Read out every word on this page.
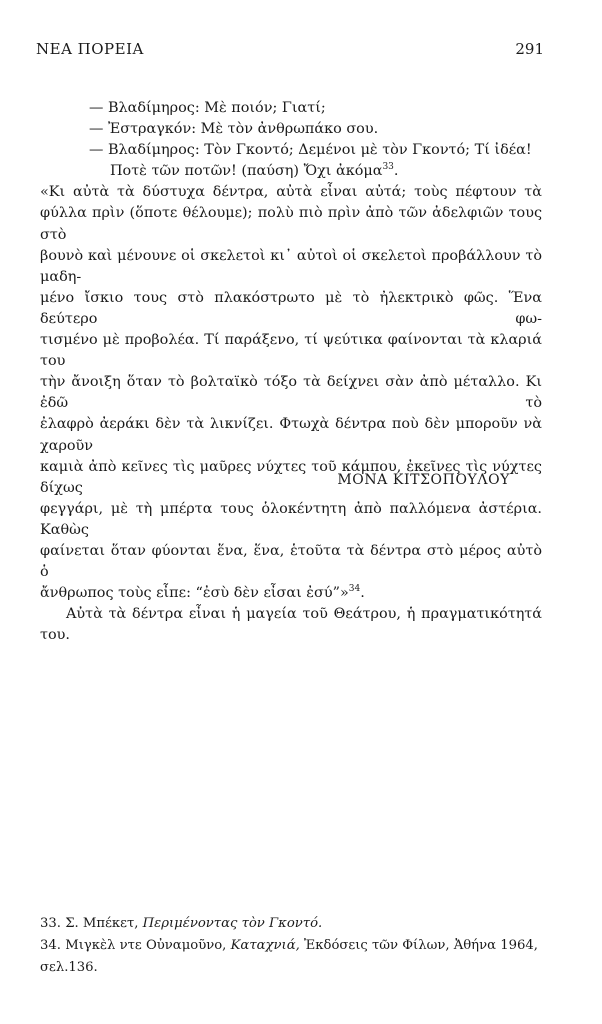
ΝΕΑ ΠΟΡΕΙΑ	291

— Βλαδίμηρος: Μὲ ποιόν; Γιατί;

— Ἐστραγκόν: Μὲ τὸν ἀνθρωπάκο σου.

— Βλαδίμηρος: Τὸν Γκοντό; Δεμένοι μὲ τὸν Γκοντό; Τί ἰδέα!

Ποτὲ τῶν ποτῶν! (παύση) Ὄχι ἀκόμα$^{33}$.

«Κι αὐτὰ τὰ δύστυχα δέντρα, αὐτὰ εἶναι αὐτά; τοὺς πέφτουν τὰ

φύλλα πρὶν (ὅποτε θέλουμε); πολὺ πιὸ πρὶν ἀπὸ τῶν ἀδελφιῶν τους στὸ

βουνὸ καὶ μένουνε οἱ σκελετοὶ κι᾿ αὐτοὶ οἱ σκελετοὶ προβάλλουν τὸ μαδη-

μένο ἴσκιο τους στὸ πλακόστρωτο μὲ τὸ ἠλεκτρικὸ φῶς. Ἕνα δεύτερο φω-

τισμένο μὲ προβολέα. Τί παράξενο, τί ψεύτικα φαίνονται τὰ κλαριά του

τὴν ἄνοιξη ὅταν τὸ βολταϊκὸ τόξο τὰ δείχνει σὰν ἀπὸ μέταλλο. Κι ἐδῶ τὸ

ἐλαφρὸ ἀεράκι δὲν τὰ λικνίζει. Φτωχὰ δέντρα ποὺ δὲν μποροῦν νὰ χαροῦν

καμιὰ ἀπὸ κεῖνες τὶς μαῦρες νύχτες τοῦ κάμπου, ἐκεῖνες τὶς νύχτες δίχως

φεγγάρι, μὲ τὴ μπέρτα τους ὁλοκέντητη ἀπὸ παλλόμενα ἀστέρια. Καθὼς

φαίνεται ὅταν φύονται ἕνα, ἕνα, ἑτοῦτα τὰ δέντρα στὸ μέρος αὐτὸ ὁ

ἄνθρωπος τοὺς εἶπε: “ἐσὺ δὲν εἶσαι ἐσύ”»$^{34}$.

Αὐτὰ τὰ δέντρα εἶναι ἡ μαγεία τοῦ Θεάτρου, ἡ πραγματικότητά του.

ΜΟΝΑ ΚΙΤΣΟΠΟΥΛΟΥ

33. Σ. Μπέκετ, Περιμένοντας τὸν Γκοντό.

34. Μιγκὲλ ντε Οὐναμοῦνο, Καταχνιά, Ἐκδόσεις τῶν Φίλων, Ἀθήνα 1964, σελ.136.
